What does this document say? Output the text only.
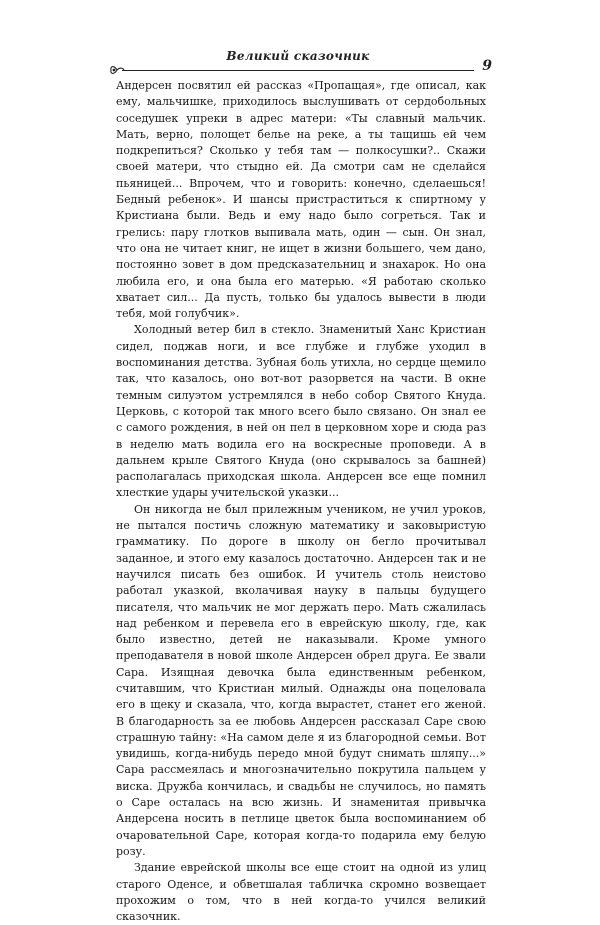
Великий сказочник
9

Андерсен посвятил ей рассказ «Пропащая», где описал, как ему, мальчишке, приходилось выслушивать от сердобольных соседушек упреки в адрес матери: «Ты славный мальчик. Мать, верно, полощет белье на реке, а ты тащишь ей чем подкрепиться? Сколько у тебя там — полкосушки?.. Скажи своей матери, что стыдно ей. Да смотри сам не сделайся пьяницей... Впрочем, что и говорить: конечно, сделаешься! Бедный ребенок». И шансы пристраститься к спиртному у Кристиана были. Ведь и ему надо было согреться. Так и грелись: пару глотков выпивала мать, один — сын. Он знал, что она не читает книг, не ищет в жизни большего, чем дано, постоянно зовет в дом предсказательниц и знахарок. Но она любила его, и она была его матерью. «Я работаю сколько хватает сил... Да пусть, только бы удалось вывести в люди тебя, мой голубчик».

Холодный ветер бил в стекло. Знаменитый Ханс Кристиан сидел, поджав ноги, и все глубже и глубже уходил в воспоминания детства. Зубная боль утихла, но сердце щемило так, что казалось, оно вот-вот разорвется на части. В окне темным силуэтом устремлялся в небо собор Святого Кнуда. Церковь, с которой так много всего было связано. Он знал ее с самого рождения, в ней он пел в церковном хоре и сюда раз в неделю мать водила его на воскресные проповеди. А в дальнем крыле Святого Кнуда (оно скрывалось за башней) располагалась приходская школа. Андерсен все еще помнил хлесткие удары учительской указки...

Он никогда не был прилежным учеником, не учил уроков, не пытался постичь сложную математику и заковыристую грамматику. По дороге в школу он бегло прочитывал заданное, и этого ему казалось достаточно. Андерсен так и не научился писать без ошибок. И учитель столь неистово работал указкой, вколачивая науку в пальцы будущего писателя, что мальчик не мог держать перо. Мать сжалилась над ребенком и перевела его в еврейскую школу, где, как было известно, детей не наказывали. Кроме умного преподавателя в новой школе Андерсен обрел друга. Ее звали Сара. Изящная девочка была единственным ребенком, считавшим, что Кристиан милый. Однажды она поцеловала его в щеку и сказала, что, когда вырастет, станет его женой. В благодарность за ее любовь Андерсен рассказал Саре свою страшную тайну: «На самом деле я из благородной семьи. Вот увидишь, когда-нибудь передо мной будут снимать шляпу...» Сара рассмеялась и многозначительно покрутила пальцем у виска. Дружба кончилась, и свадьбы не случилось, но память о Саре осталась на всю жизнь. И знаменитая привычка Андерсена носить в петлице цветок была воспоминанием об очаровательной Саре, которая когда-то подарила ему белую розу.

Здание еврейской школы все еще стоит на одной из улиц старого Оденсе, и обветшалая табличка скромно возвещает прохожим о том, что в ней когда-то учился великий сказочник.
